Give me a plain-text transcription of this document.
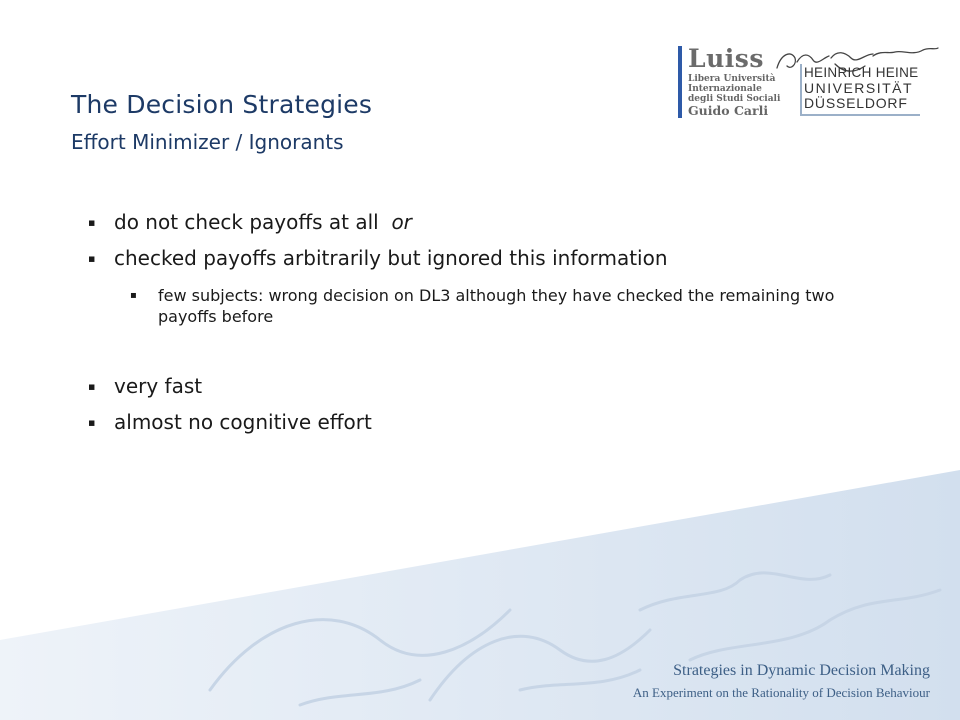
Luiss
Libera Università
Internazionale
degli Studi Sociali
Guido Carli
HEINRICH HEINE
UNIVERSITÄT
DÜSSELDORF
The Decision Strategies
Effort Minimizer / Ignorants
▪ do not check payoffs at all or
▪ checked payoffs arbitrarily but ignored this information
▪ few subjects: wrong decision on DL3 although they have checked the remaining two payoffs before
▪ very fast
▪ almost no cognitive effort
Strategies in Dynamic Decision Making
An Experiment on the Rationality of Decision Behaviour
